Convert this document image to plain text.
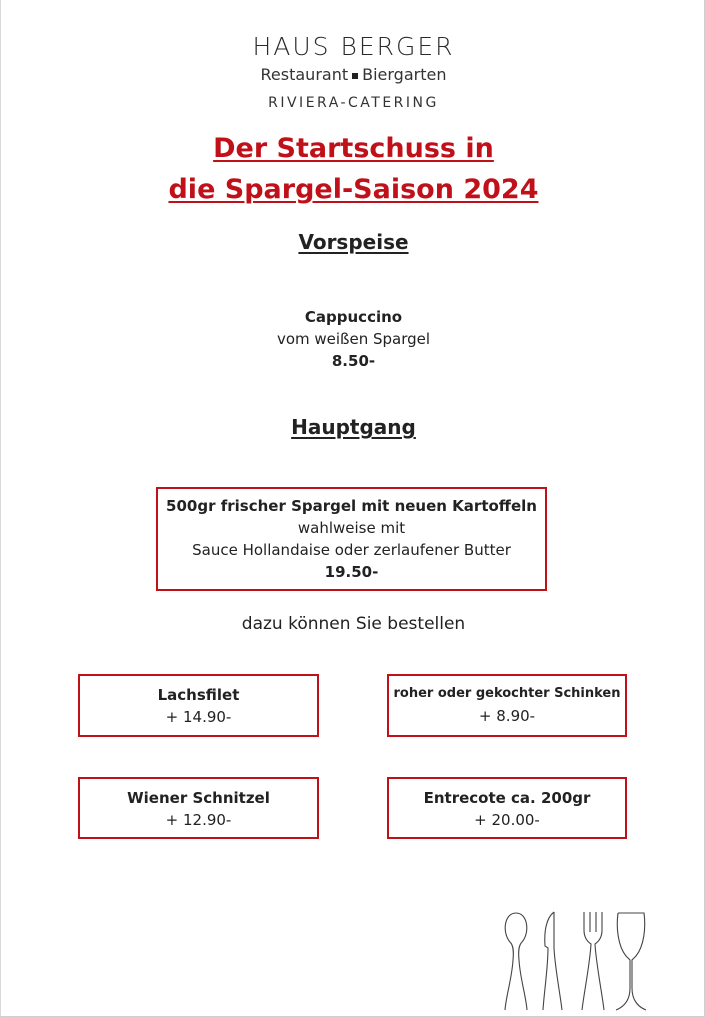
HAUS BERGER
Restaurant Biergarten
RIVIERA-CATERING
Der Startschuss in
die Spargel-Saison 2024
Vorspeise
Cappuccino
vom weißen Spargel
8.50-
Hauptgang
500gr frischer Spargel mit neuen Kartoffeln
wahlweise mit
Sauce Hollandaise oder zerlaufener Butter
19.50-
dazu können Sie bestellen
Lachsfilet
+ 14.90-
roher oder gekochter Schinken
+ 8.90-
Wiener Schnitzel
+ 12.90-
Entrecote ca. 200gr
+ 20.00-
